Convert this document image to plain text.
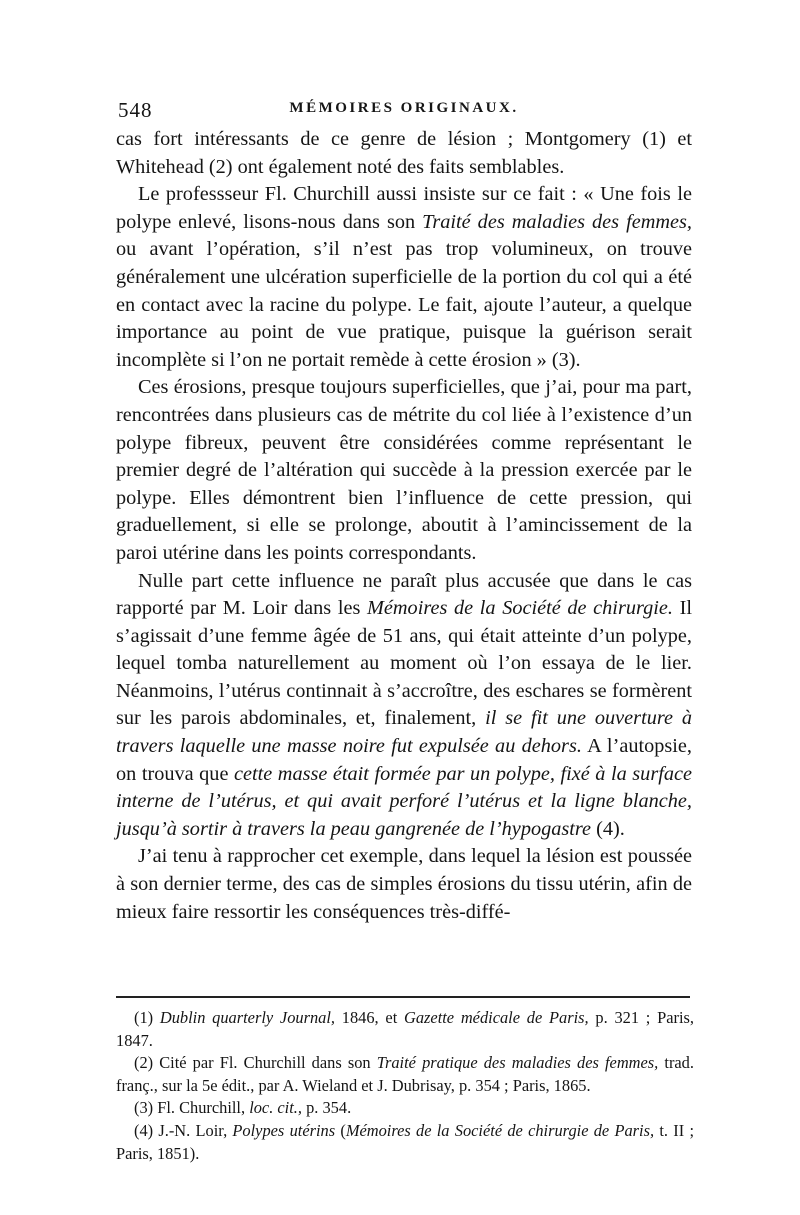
548	MÉMOIRES ORIGINAUX.

cas fort intéressants de ce genre de lésion ; Montgomery (1) et Whitehead (2) ont également noté des faits semblables.

Le professseur Fl. Churchill aussi insiste sur ce fait : « Une fois le polype enlevé, lisons-nous dans son Traité des maladies des femmes, ou avant l’opération, s’il n’est pas trop volumineux, on trouve généralement une ulcération superficielle de la portion du col qui a été en contact avec la racine du polype. Le fait, ajoute l’auteur, a quelque importance au point de vue pratique, puisque la guérison serait incomplète si l’on ne portait remède à cette érosion » (3).

Ces érosions, presque toujours superficielles, que j’ai, pour ma part, rencontrées dans plusieurs cas de métrite du col liée à l’existence d’un polype fibreux, peuvent être considérées comme représentant le premier degré de l’altération qui succède à la pression exercée par le polype. Elles démontrent bien l’influence de cette pression, qui graduellement, si elle se prolonge, aboutit à l’amincissement de la paroi utérine dans les points correspondants.

Nulle part cette influence ne paraît plus accusée que dans le cas rapporté par M. Loir dans les Mémoires de la Société de chirurgie. Il s’agissait d’une femme âgée de 51 ans, qui était atteinte d’un polype, lequel tomba naturellement au moment où l’on essaya de le lier. Néanmoins, l’utérus continnait à s’accroître, des eschares se formèrent sur les parois abdominales, et, finalement, il se fit une ouverture à travers laquelle une masse noire fut expulsée au dehors. A l’autopsie, on trouva que cette masse était formée par un polype, fixé à la surface interne de l’utérus, et qui avait perforé l’utérus et la ligne blanche, jusqu’à sortir à travers la peau gangrenée de l’hypogastre (4).

J’ai tenu à rapprocher cet exemple, dans lequel la lésion est poussée à son dernier terme, des cas de simples érosions du tissu utérin, afin de mieux faire ressortir les conséquences très-diffé-

(1) Dublin quarterly Journal, 1846, et Gazette médicale de Paris, p. 321 ; Paris, 1847.

(2) Cité par Fl. Churchill dans son Traité pratique des maladies des femmes, trad. franç., sur la 5e édit., par A. Wieland et J. Dubrisay, p. 354 ; Paris, 1865.

(3) Fl. Churchill, loc. cit., p. 354.

(4) J.-N. Loir, Polypes utérins (Mémoires de la Société de chirurgie de Paris, t. II ; Paris, 1851).
